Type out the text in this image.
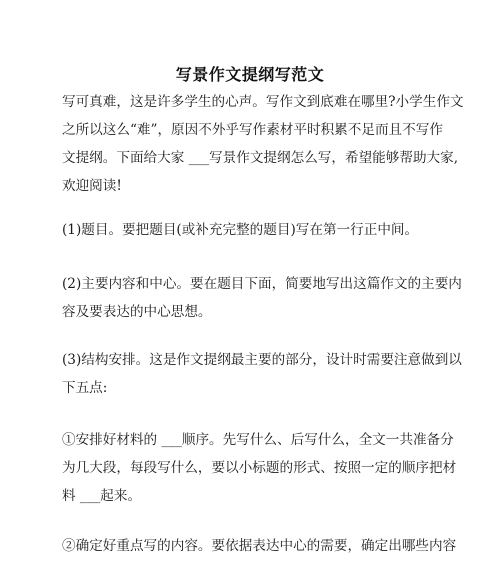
写景作文提纲写范文

写可真难，这是许多学生的心声。写作文到底难在哪里?小学生作文
之所以这么“难”，原因不外乎写作素材平时积累不足而且不写作
文提纲。下面给大家 ___写景作文提纲怎么写，希望能够帮助大家,
欢迎阅读!

(1)题目。要把题目(或补充完整的题目)写在第一行正中间。

(2)主要内容和中心。要在题目下面，简要地写出这篇作文的主要内
容及要表达的中心思想。

(3)结构安排。这是作文提纲最主要的部分，设计时需要注意做到以
下五点:

①安排好材料的 ___顺序。先写什么、后写什么，全文一共准备分
为几大段，每段写什么，要以小标题的形式、按照一定的顺序把材
料 ___起来。

②确定好重点写的内容。要依据表达中心的需要，确定出哪些内容
